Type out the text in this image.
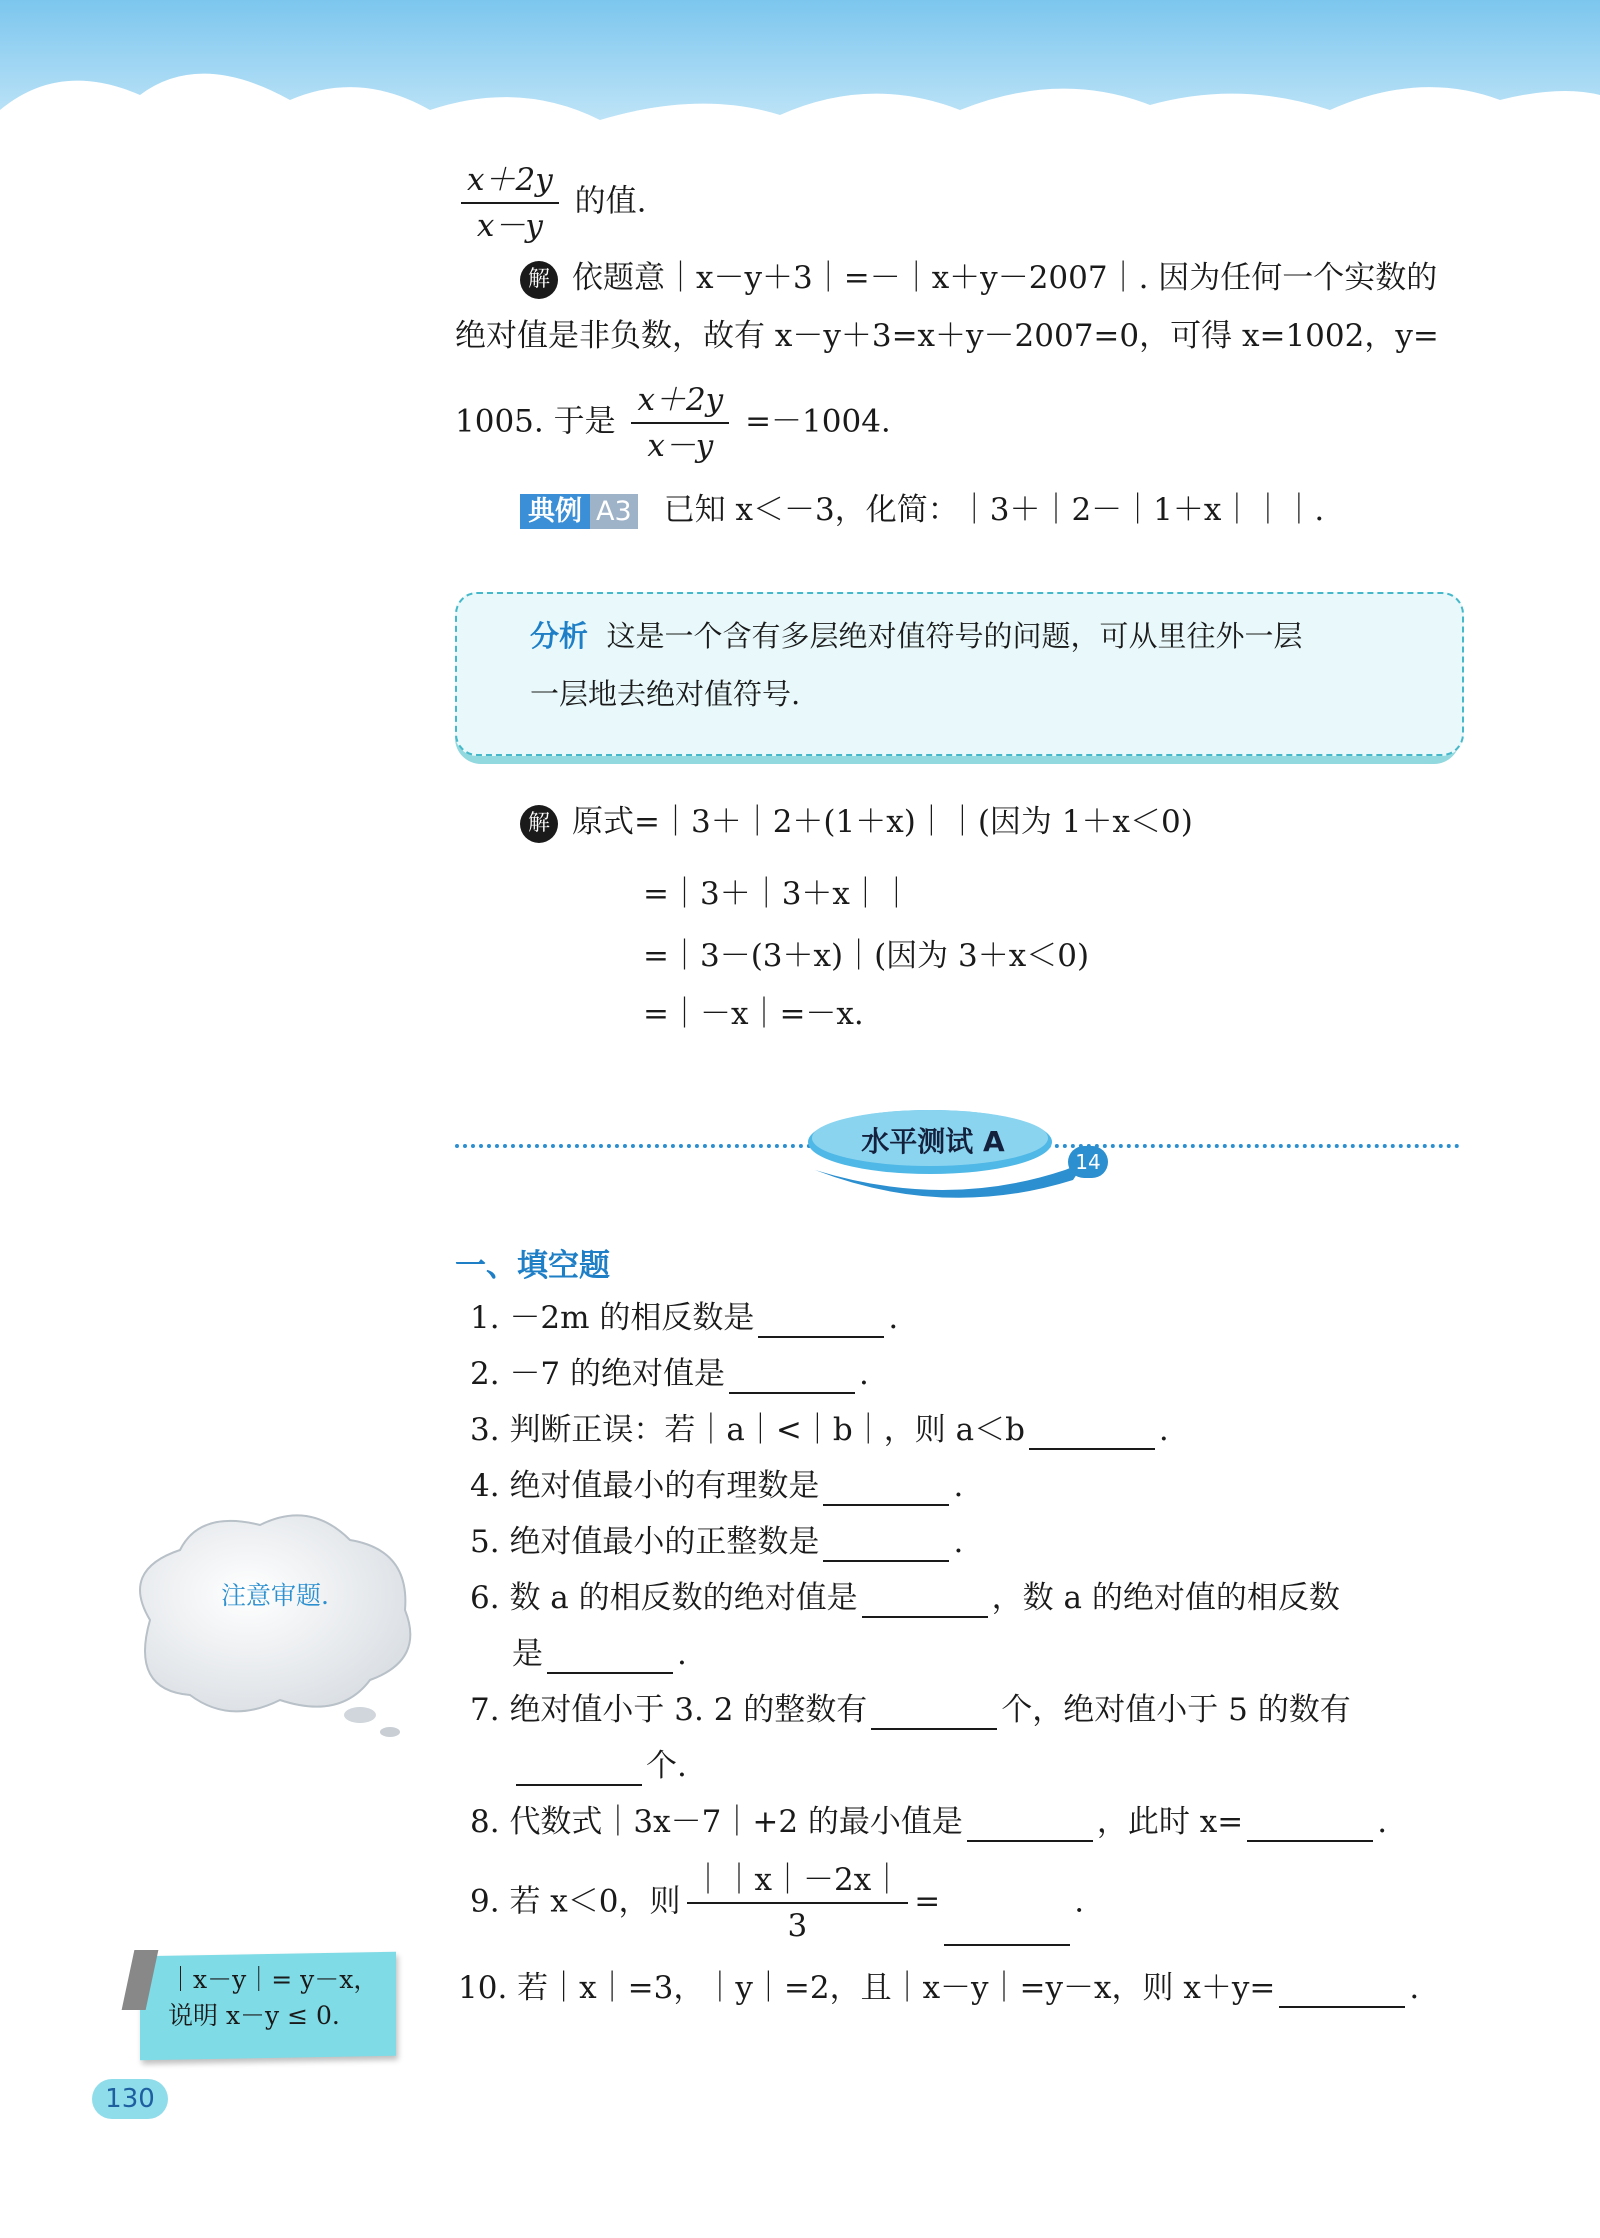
$\frac{x+2y}{x-y}$ 的值.
解 依题意｜x－y＋3｜=－｜x＋y－2007｜. 因为任何一个实数的
绝对值是非负数，故有 x－y＋3=x＋y－2007=0，可得 x=1002，y=
1005. 于是 $\frac{x+2y}{x-y} =-1004$.
典例 A3 已知 x＜－3，化简：｜3＋｜2－｜1＋x｜｜｜.
分析 这是一个含有多层绝对值符号的问题，可从里往外一层
一层地去绝对值符号.
解 原式=｜3＋｜2＋(1＋x)｜｜(因为 1＋x＜0)
=｜3＋｜3＋x｜｜
=｜3－(3＋x)｜(因为 3＋x＜0)
=｜－x｜=－x.
水平测试 A
14
一、填空题
1. －2m 的相反数是	.
2. －7 的绝对值是	.
3. 判断正误：若｜a｜<｜b｜，则 a＜b	.
4. 绝对值最小的有理数是	.
5. 绝对值最小的正整数是	.
6. 数 a 的相反数的绝对值是	，数 a 的绝对值的相反数
是	.
7. 绝对值小于 3. 2 的整数有	个，绝对值小于 5 的数有
个.
8. 代数式｜3x－7｜+2 的最小值是	，此时 x=	.
9. 若 x＜0，则 $\frac{||x|-2x|}{3}$ =	.
10. 若｜x｜=3，｜y｜=2，且｜x－y｜=y－x，则 x＋y=	.
注意审题.
｜x－y｜= y－x，
说明 x－y ≤ 0.
130
